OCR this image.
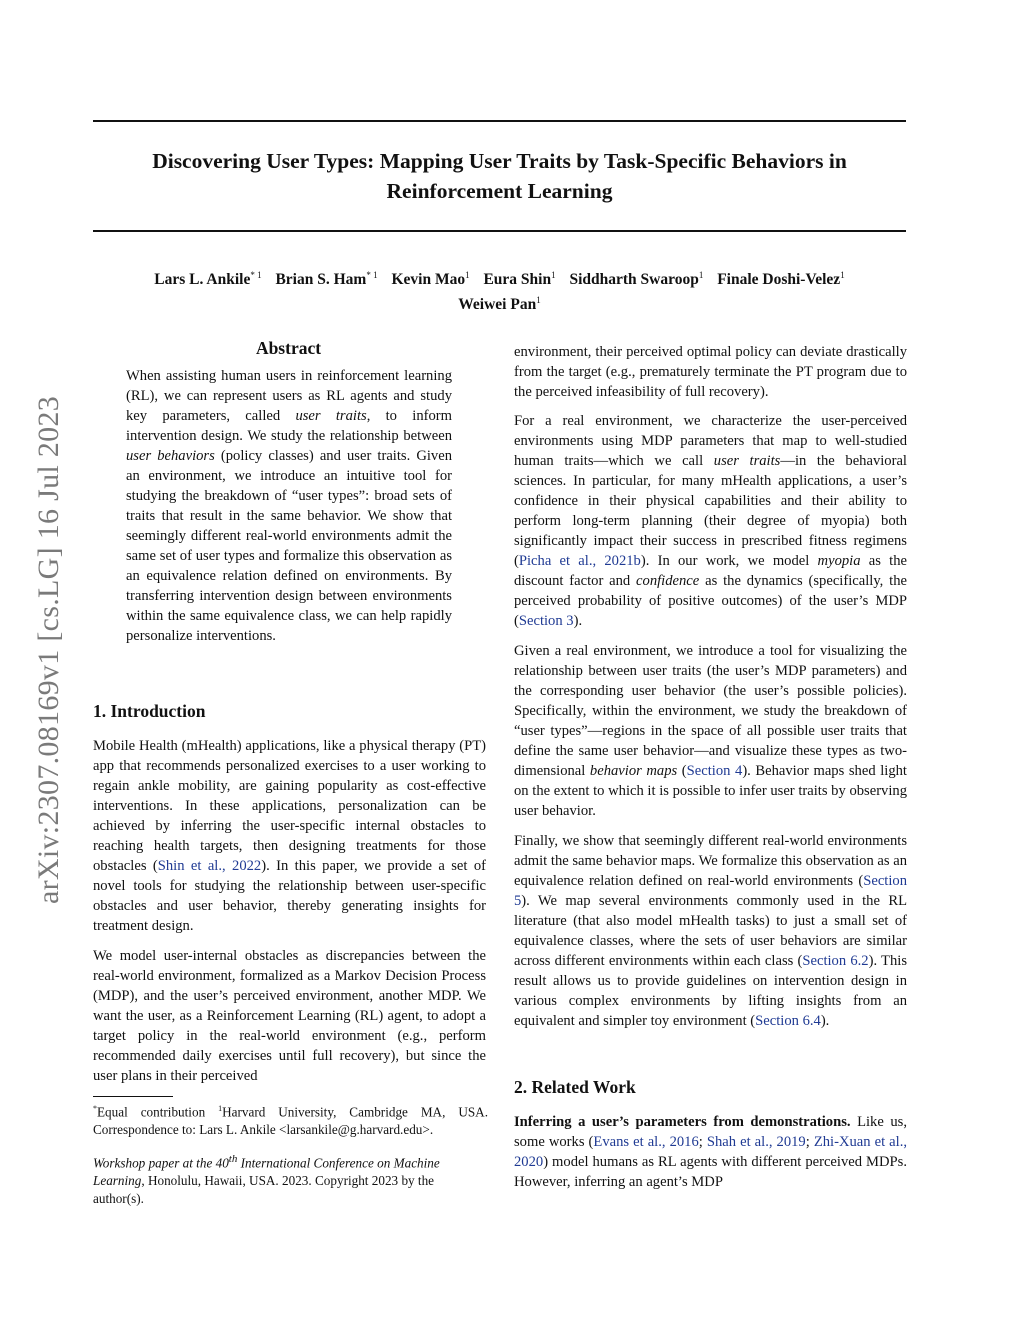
Discovering User Types: Mapping User Traits by Task-Specific Behaviors in
Reinforcement Learning
Lars L. Ankile$^{* 1}$ Brian S. Ham$^{* 1}$ Kevin Mao$^1$ Eura Shin$^1$ Siddharth Swaroop$^1$ Finale Doshi-Velez$^1$
Weiwei Pan$^1$
arXiv:2307.08169v1 [cs.LG] 16 Jul 2023
Abstract

When assisting human users in reinforcement learning (RL), we can represent users as RL agents and study key parameters, called user traits, to inform intervention design. We study the relationship between user behaviors (policy classes) and user traits. Given an environment, we introduce an intuitive tool for studying the breakdown of “user types”: broad sets of traits that result in the same behavior. We show that seemingly different real-world environments admit the same set of user types and formalize this observation as an equivalence relation defined on environments. By transferring intervention design between environments within the same equivalence class, we can help rapidly personalize interventions.

1. Introduction

Mobile Health (mHealth) applications, like a physical therapy (PT) app that recommends personalized exercises to a user working to regain ankle mobility, are gaining popularity as cost-effective interventions. In these applications, personalization can be achieved by inferring the user-specific internal obstacles to reaching health targets, then designing treatments for those obstacles (Shin et al., 2022). In this paper, we provide a set of novel tools for studying the relationship between user-specific obstacles and user behavior, thereby generating insights for treatment design.

We model user-internal obstacles as discrepancies between the real-world environment, formalized as a Markov Decision Process (MDP), and the user’s perceived environment, another MDP. We want the user, as a Reinforcement Learning (RL) agent, to adopt a target policy in the real-world environment (e.g., perform recommended daily exercises until full recovery), but since the user plans in their perceived

*Equal contribution $^1$Harvard University, Cambridge MA, USA. Correspondence to: Lars L. Ankile <larsankile@g.harvard.edu>.
Workshop paper at the 40th International Conference on Machine Learning, Honolulu, Hawaii, USA. 2023. Copyright 2023 by the author(s).

environment, their perceived optimal policy can deviate drastically from the target (e.g., prematurely terminate the PT program due to the perceived infeasibility of full recovery).

For a real environment, we characterize the user-perceived environments using MDP parameters that map to well-studied human traits—which we call user traits—in the behavioral sciences. In particular, for many mHealth applications, a user’s confidence in their physical capabilities and their ability to perform long-term planning (their degree of myopia) both significantly impact their success in prescribed fitness regimens (Picha et al., 2021b). In our work, we model myopia as the discount factor and confidence as the dynamics (specifically, the perceived probability of positive outcomes) of the user’s MDP (Section 3).

Given a real environment, we introduce a tool for visualizing the relationship between user traits (the user’s MDP parameters) and the corresponding user behavior (the user’s possible policies). Specifically, within the environment, we study the breakdown of “user types”—regions in the space of all possible user traits that define the same user behavior—and visualize these types as two-dimensional behavior maps (Section 4). Behavior maps shed light on the extent to which it is possible to infer user traits by observing user behavior.

Finally, we show that seemingly different real-world environments admit the same behavior maps. We formalize this observation as an equivalence relation defined on real-world environments (Section 5). We map several environments commonly used in the RL literature (that also model mHealth tasks) to just a small set of equivalence classes, where the sets of user behaviors are similar across different environments within each class (Section 6.2). This result allows us to provide guidelines on intervention design in various complex environments by lifting insights from an equivalent and simpler toy environment (Section 6.4).

2. Related Work

Inferring a user’s parameters from demonstrations. Like us, some works (Evans et al., 2016; Shah et al., 2019; Zhi-Xuan et al., 2020) model humans as RL agents with different perceived MDPs. However, inferring an agent’s MDP
